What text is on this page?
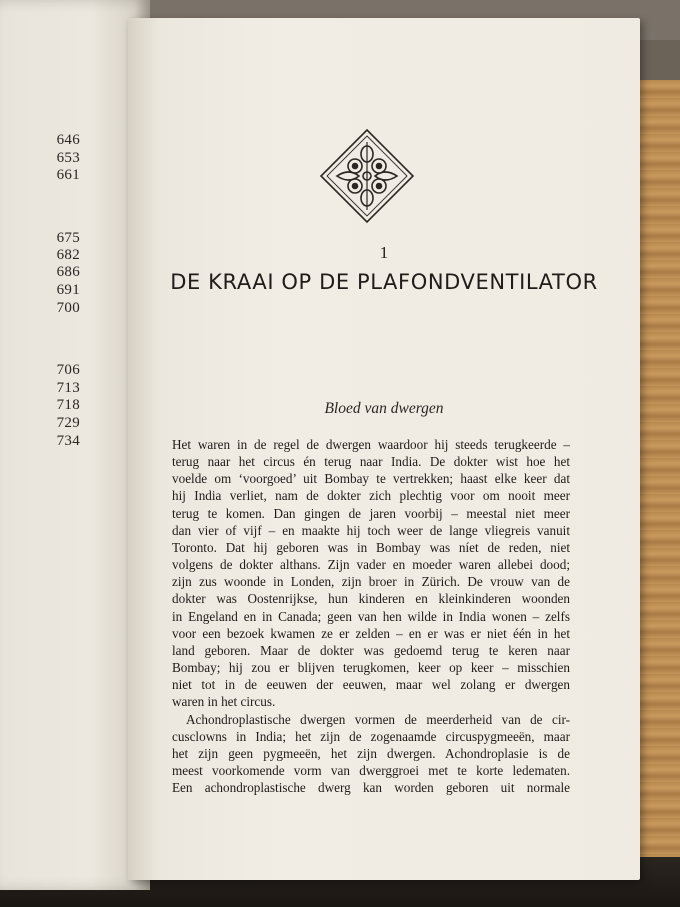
646
653
661
675
682
686
691
700
706
713
718
729
734
1
DE KRAAI OP DE PLAFONDVENTILATOR
Bloed van dwergen
Het waren in de regel de dwergen waardoor hij steeds terugkeerde –
terug naar het circus én terug naar India. De dokter wist hoe het
voelde om ‘voorgoed’ uit Bombay te vertrekken; haast elke keer dat
hij India verliet, nam de dokter zich plechtig voor om nooit meer
terug te komen. Dan gingen de jaren voorbij – meestal niet meer
dan vier of vijf – en maakte hij toch weer de lange vliegreis vanuit
Toronto. Dat hij geboren was in Bombay was níet de reden, niet
volgens de dokter althans. Zijn vader en moeder waren allebei dood;
zijn zus woonde in Londen, zijn broer in Zürich. De vrouw van de
dokter was Oostenrijkse, hun kinderen en kleinkinderen woonden
in Engeland en in Canada; geen van hen wilde in India wonen – zelfs
voor een bezoek kwamen ze er zelden – en er was er niet één in het
land geboren. Maar de dokter was gedoemd terug te keren naar
Bombay; hij zou er blijven terugkomen, keer op keer – misschien
niet tot in de eeuwen der eeuwen, maar wel zolang er dwergen
waren in het circus.
Achondroplastische dwergen vormen de meerderheid van de cir-
cusclowns in India; het zijn de zogenaamde circuspygmeeën, maar
het zijn geen pygmeeën, het zijn dwergen. Achondroplasie is de
meest voorkomende vorm van dwerggroei met te korte ledematen.
Een achondroplastische dwerg kan worden geboren uit normale
